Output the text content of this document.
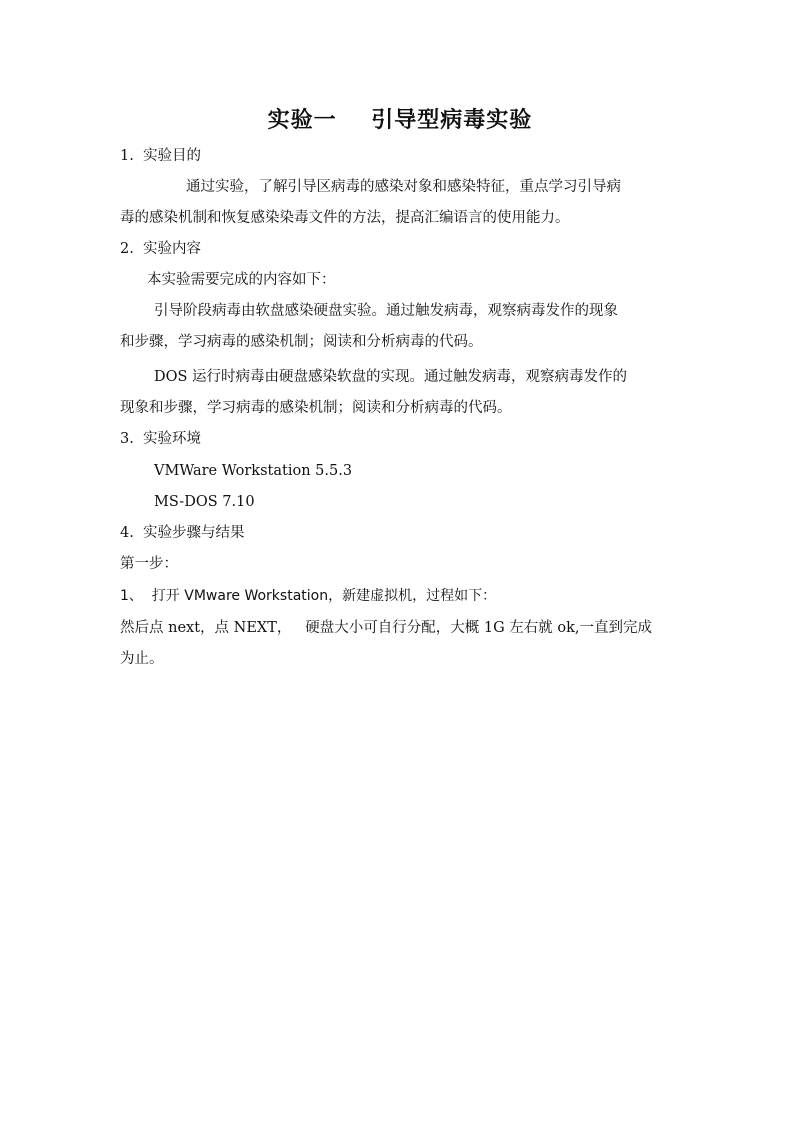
实验一    引导型病毒实验
1.  实验目的
通过实验，了解引导区病毒的感染对象和感染特征，重点学习引导病
毒的感染机制和恢复感染染毒文件的方法，提高汇编语言的使用能力。
2.  实验内容
本实验需要完成的内容如下：
引导阶段病毒由软盘感染硬盘实验。通过触发病毒，观察病毒发作的现象
和步骤，学习病毒的感染机制；阅读和分析病毒的代码。
DOS 运行时病毒由硬盘感染软盘的实现。通过触发病毒，观察病毒发作的
现象和步骤，学习病毒的感染机制；阅读和分析病毒的代码。
3.  实验环境
VMWare Workstation 5.5.3
MS-DOS 7.10
4.  实验步骤与结果
第一步：
1、  打开 VMware Workstation，新建虚拟机，过程如下：
然后点 next，点 NEXT，   硬盘大小可自行分配，大概 1G 左右就 ok,一直到完成
为止。
